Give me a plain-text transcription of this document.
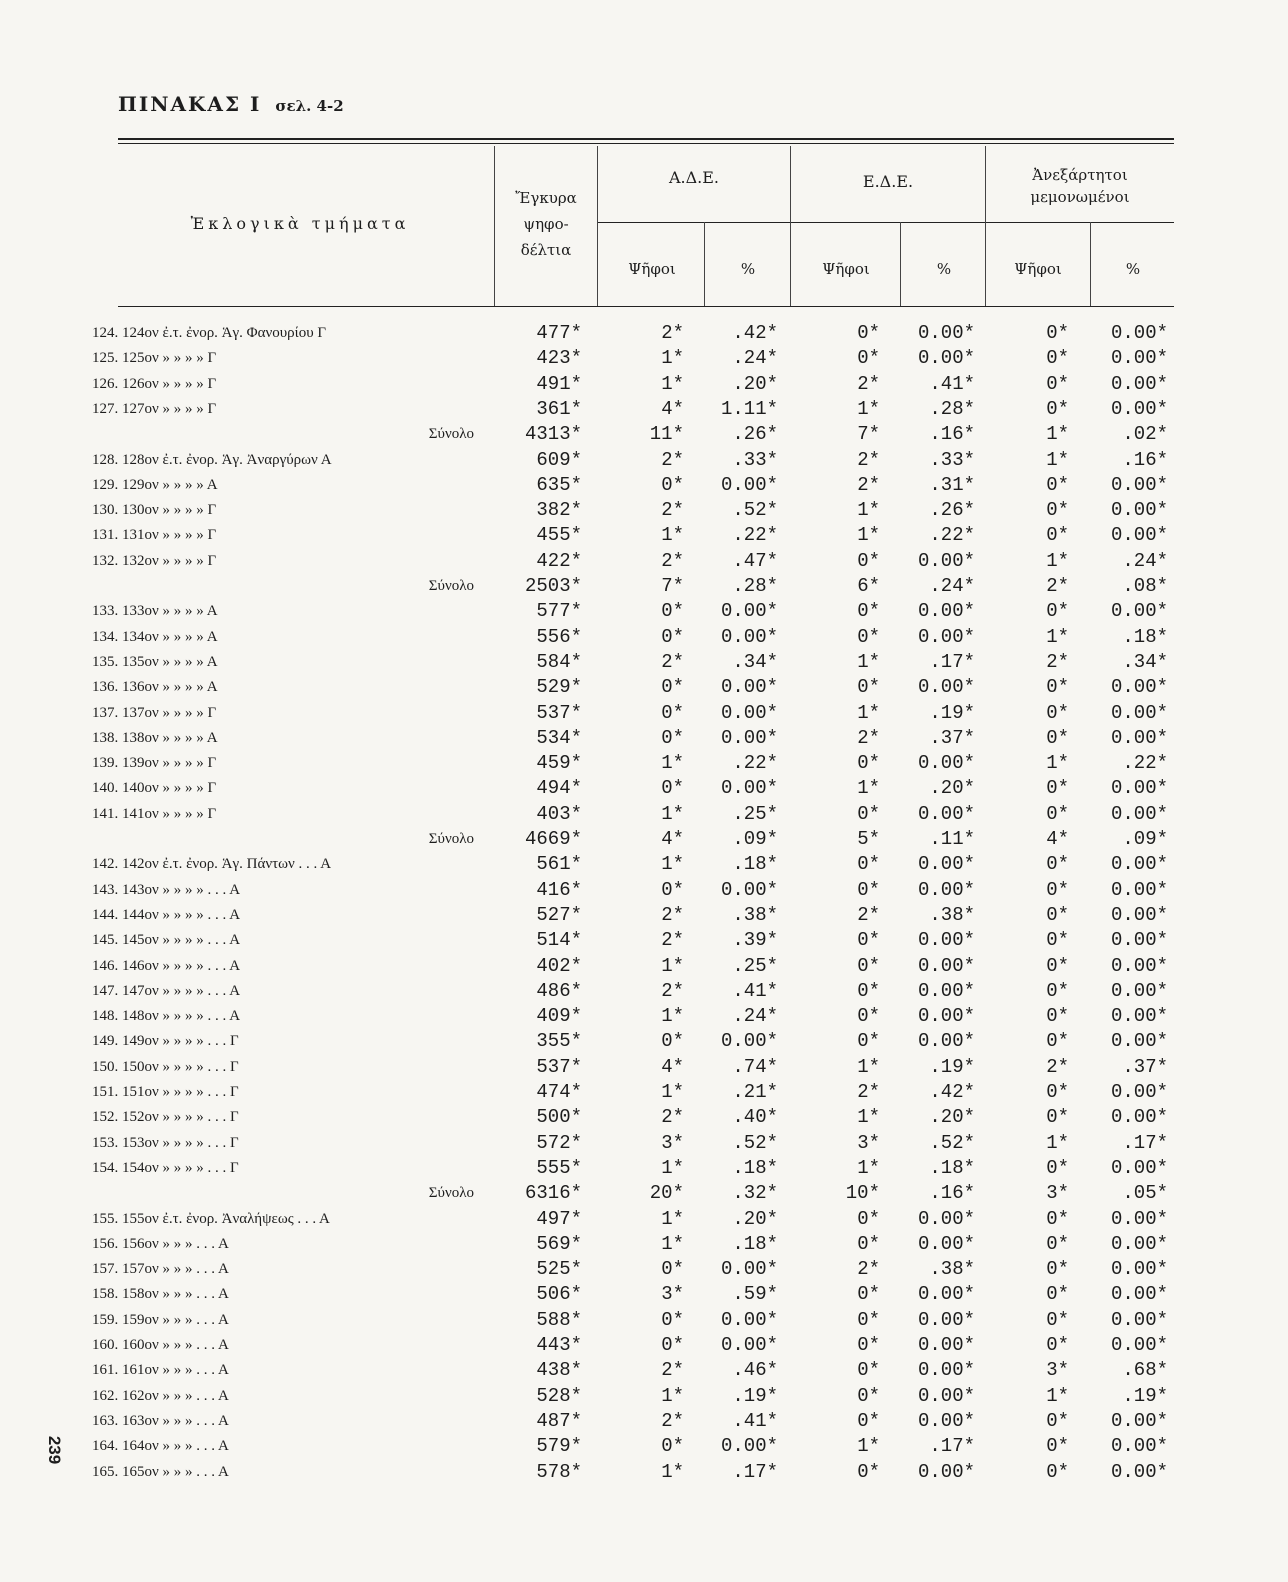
ΠΙΝΑΚΑΣ Ι σελ. 4-2
Ἐκλογικὰ τμήματα
Ἔγκυρα ψηφο- δέλτια
Α.Δ.Ε.	Ε.Δ.Ε.	Ἀνεξάρτητοι μεμονωμένοι
Ψῆφοι	%	Ψῆφοι	%	Ψῆφοι	%
124. 124ον ἐ.τ. ἐνορ. Ἁγ. Φανουρίου Γ	477*	2*	.42*	0*	0.00*	0*	0.00*
125. 125ον » » » » Γ	423*	1*	.24*	0*	0.00*	0*	0.00*
126. 126ον » » » » Γ	491*	1*	.20*	2*	.41*	0*	0.00*
127. 127ον » » » » Γ	361*	4*	1.11*	1*	.28*	0*	0.00*
Σύνολο	4313*	11*	.26*	7*	.16*	1*	.02*
128. 128ον ἐ.τ. ἐνορ. Ἁγ. Ἀναργύρων Α	609*	2*	.33*	2*	.33*	1*	.16*
129. 129ον » » » » Α	635*	0*	0.00*	2*	.31*	0*	0.00*
130. 130ον » » » » Γ	382*	2*	.52*	1*	.26*	0*	0.00*
131. 131ον » » » » Γ	455*	1*	.22*	1*	.22*	0*	0.00*
132. 132ον » » » » Γ	422*	2*	.47*	0*	0.00*	1*	.24*
Σύνολο	2503*	7*	.28*	6*	.24*	2*	.08*
133. 133ον » » » » Α	577*	0*	0.00*	0*	0.00*	0*	0.00*
134. 134ον » » » » Α	556*	0*	0.00*	0*	0.00*	1*	.18*
135. 135ον » » » » Α	584*	2*	.34*	1*	.17*	2*	.34*
136. 136ον » » » » Α	529*	0*	0.00*	0*	0.00*	0*	0.00*
137. 137ον » » » » Γ	537*	0*	0.00*	1*	.19*	0*	0.00*
138. 138ον » » » » Α	534*	0*	0.00*	2*	.37*	0*	0.00*
139. 139ον » » » » Γ	459*	1*	.22*	0*	0.00*	1*	.22*
140. 140ον » » » » Γ	494*	0*	0.00*	1*	.20*	0*	0.00*
141. 141ον » » » » Γ	403*	1*	.25*	0*	0.00*	0*	0.00*
Σύνολο	4669*	4*	.09*	5*	.11*	4*	.09*
142. 142ον ἐ.τ. ἐνορ. Ἁγ. Πάντων . . . Α	561*	1*	.18*	0*	0.00*	0*	0.00*
143. 143ον » » » » . . . Α	416*	0*	0.00*	0*	0.00*	0*	0.00*
144. 144ον » » » » . . . Α	527*	2*	.38*	2*	.38*	0*	0.00*
145. 145ον » » » » . . . Α	514*	2*	.39*	0*	0.00*	0*	0.00*
146. 146ον » » » » . . . Α	402*	1*	.25*	0*	0.00*	0*	0.00*
147. 147ον » » » » . . . Α	486*	2*	.41*	0*	0.00*	0*	0.00*
148. 148ον » » » » . . . Α	409*	1*	.24*	0*	0.00*	0*	0.00*
149. 149ον » » » » . . . Γ	355*	0*	0.00*	0*	0.00*	0*	0.00*
150. 150ον » » » » . . . Γ	537*	4*	.74*	1*	.19*	2*	.37*
151. 151ον » » » » . . . Γ	474*	1*	.21*	2*	.42*	0*	0.00*
152. 152ον » » » » . . . Γ	500*	2*	.40*	1*	.20*	0*	0.00*
153. 153ον » » » » . . . Γ	572*	3*	.52*	3*	.52*	1*	.17*
154. 154ον » » » » . . . Γ	555*	1*	.18*	1*	.18*	0*	0.00*
Σύνολο	6316*	20*	.32*	10*	.16*	3*	.05*
155. 155ον ἐ.τ. ἐνορ. Ἀναλήψεως . . . Α	497*	1*	.20*	0*	0.00*	0*	0.00*
156. 156ον » » » . . . Α	569*	1*	.18*	0*	0.00*	0*	0.00*
157. 157ον » » » . . . Α	525*	0*	0.00*	2*	.38*	0*	0.00*
158. 158ον » » » . . . Α	506*	3*	.59*	0*	0.00*	0*	0.00*
159. 159ον » » » . . . Α	588*	0*	0.00*	0*	0.00*	0*	0.00*
160. 160ον » » » . . . Α	443*	0*	0.00*	0*	0.00*	0*	0.00*
161. 161ον » » » . . . Α	438*	2*	.46*	0*	0.00*	3*	.68*
162. 162ον » » » . . . Α	528*	1*	.19*	0*	0.00*	1*	.19*
163. 163ον » » » . . . Α	487*	2*	.41*	0*	0.00*	0*	0.00*
164. 164ον » » » . . . Α	579*	0*	0.00*	1*	.17*	0*	0.00*
165. 165ον » » » . . . Α	578*	1*	.17*	0*	0.00*	0*	0.00*
239
